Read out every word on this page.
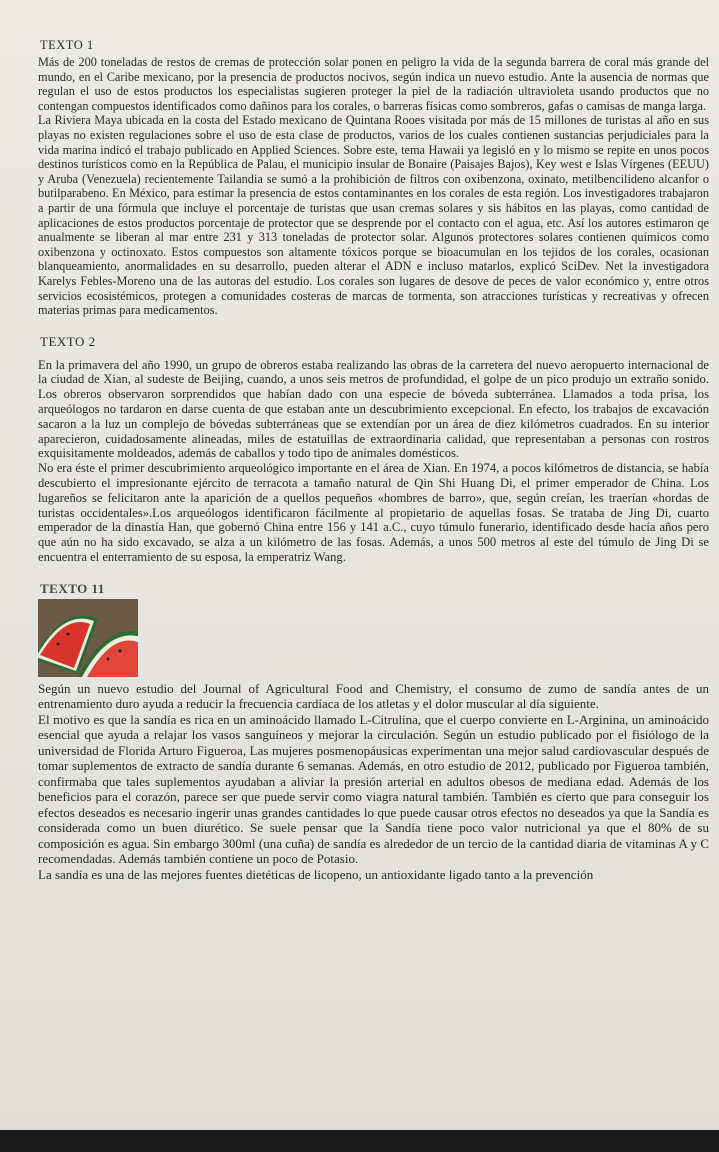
TEXTO 1

Más de 200 toneladas de restos de cremas de protección solar ponen en peligro la vida de la segunda barrera de coral más grande del mundo, en el Caribe mexicano, por la presencia de productos nocivos, según indica un nuevo estudio. Ante la ausencia de normas que regulan el uso de estos productos los especialistas sugieren proteger la piel de la radiación ultravioleta usando productos que no contengan compuestos identificados como dañinos para los corales, o barreras físicas como sombreros, gafas o camisas de manga larga.

La Riviera Maya ubicada en la costa del Estado mexicano de Quintana Rooes visitada por más de 15 millones de turistas al año en sus playas no existen regulaciones sobre el uso de esta clase de productos, varios de los cuales contienen sustancias perjudiciales para la vida marina indicó el trabajo publicado en Applied Sciences. Sobre este, tema Hawaii ya legisló en y lo mismo se repite en unos pocos destinos turísticos como en la República de Palau, el municipio insular de Bonaire (Paisajes Bajos), Key west e Islas Vírgenes (EEUU) y Aruba (Venezuela) recientemente Tailandia se sumó a la prohibición de filtros con oxibenzona, oxinato, metilbencilideno alcanfor o butilparabeno. En México, para estimar la presencia de estos contaminantes en los corales de esta región. Los investigadores trabajaron a partir de una fórmula que incluye el porcentaje de turistas que usan cremas solares y sis hábitos en las playas, como cantidad de aplicaciones de estos productos porcentaje de protector que se desprende por el contacto con el agua, etc. Así los autores estimaron qe anualmente se liberan al mar entre 231 y 313 toneladas de protector solar. Algunos protectores solares contienen químicos como oxibenzona y octinoxato. Estos compuestos son altamente tóxicos porque se bioacumulan en los tejidos de los corales, ocasionan blanqueamiento, anormalidades en su desarrollo, pueden alterar el ADN e incluso matarlos, explicó SciDev. Net la investigadora Karelys Febles-Moreno una de las autoras del estudio. Los corales son lugares de desove de peces de valor económico y, entre otros servicios ecosistémicos, protegen a comunidades costeras de marcas de tormenta, son atracciones turísticas y recreativas y ofrecen materias primas para medicamentos.

TEXTO 2

En la primavera del año 1990, un grupo de obreros estaba realizando las obras de la carretera del nuevo aeropuerto internacional de la ciudad de Xian, al sudeste de Beijing, cuando, a unos seis metros de profundidad, el golpe de un pico produjo un extraño sonido. Los obreros observaron sorprendidos que habían dado con una especie de bóveda subterránea. Llamados a toda prisa, los arqueólogos no tardaron en darse cuenta de que estaban ante un descubrimiento excepcional. En efecto, los trabajos de excavación sacaron a la luz un complejo de bóvedas subterráneas que se extendían por un área de diez kilómetros cuadrados. En su interior aparecieron, cuidadosamente alineadas, miles de estatuillas de extraordinaria calidad, que representaban a personas con rostros exquisitamente moldeados, además de caballos y todo tipo de animales domésticos.

No era éste el primer descubrimiento arqueológico importante en el área de Xian. En 1974, a pocos kilómetros de distancia, se había descubierto el impresionante ejército de terracota a tamaño natural de Qin Shi Huang Di, el primer emperador de China. Los lugareños se felicitaron ante la aparición de a quellos pequeños «hombres de barro», que, según creían, les traerían «hordas de turistas occidentales».Los arqueólogos identificaron fácilmente al propietario de aquellas fosas. Se trataba de Jing Di, cuarto emperador de la dinastía Han, que gobernó China entre 156 y 141 a.C., cuyo túmulo funerario, identificado desde hacía años pero que aún no ha sido excavado, se alza a un kilómetro de las fosas. Además, a unos 500 metros al este del túmulo de Jing Di se encuentra el enterramiento de su esposa, la emperatriz Wang.

TEXTO 11

Según un nuevo estudio del Journal of Agricultural Food and Chemistry, el consumo de zumo de sandía antes de un entrenamiento duro ayuda a reducir la frecuencia cardíaca de los atletas y el dolor muscular al día siguiente.

El motivo es que la sandía es rica en un aminoácido llamado L-Citrulina, que el cuerpo convierte en L-Arginina, un aminoácido esencial que ayuda a relajar los vasos sanguíneos y mejorar la circulación. Según un estudio publicado por el fisiólogo de la universidad de Florida Arturo Figueroa, Las mujeres posmenopáusicas experimentan una mejor salud cardiovascular después de tomar suplementos de extracto de sandía durante 6 semanas. Además, en otro estudio de 2012, publicado por Figueroa también, confirmaba que tales suplementos ayudaban a aliviar la presión arterial en adultos obesos de mediana edad. Además de los beneficios para el corazón, parece ser que puede servir como viagra natural también. También es cierto que para conseguir los efectos deseados es necesario ingerir unas grandes cantidades lo que puede causar otros efectos no deseados ya que la Sandía es considerada como un buen diurético. Se suele pensar que la Sandía tiene poco valor nutricional ya que el 80% de su composición es agua. Sin embargo 300ml (una cuña) de sandía es alrededor de un tercio de la cantidad diaria de vitaminas A y C recomendadas. Además también contiene un poco de Potasio.

La sandía es una de las mejores fuentes dietéticas de licopeno, un antioxidante ligado tanto a la prevención
